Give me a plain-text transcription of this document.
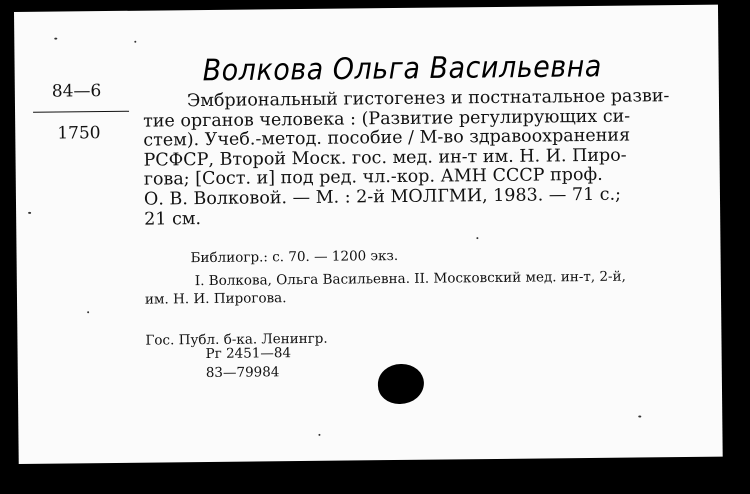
Волкова Ольга Васильевна
84—6
1750
Эмбриональный гистогенез и постнатальное разви-
тие органов человека : (Развитие регулирующих си-
стем). Учеб.-метод. пособие / М-во здравоохранения
РСФСР, Второй Моск. гос. мед. ин-т им. Н. И. Пиро-
гова; [Сост. и] под ред. чл.-кор. АМН СССР проф.
О. В. Волковой. — М. : 2-й МОЛГМИ, 1983. — 71 с.;
21 см.
Библиогр.: с. 70. — 1200 экз.
I. Волкова, Ольга Васильевна. II. Московский мед. ин-т, 2-й,
им. Н. И. Пирогова.
Гос. Публ. б-ка. Ленингр.
Рг 2451—84
83—79984
